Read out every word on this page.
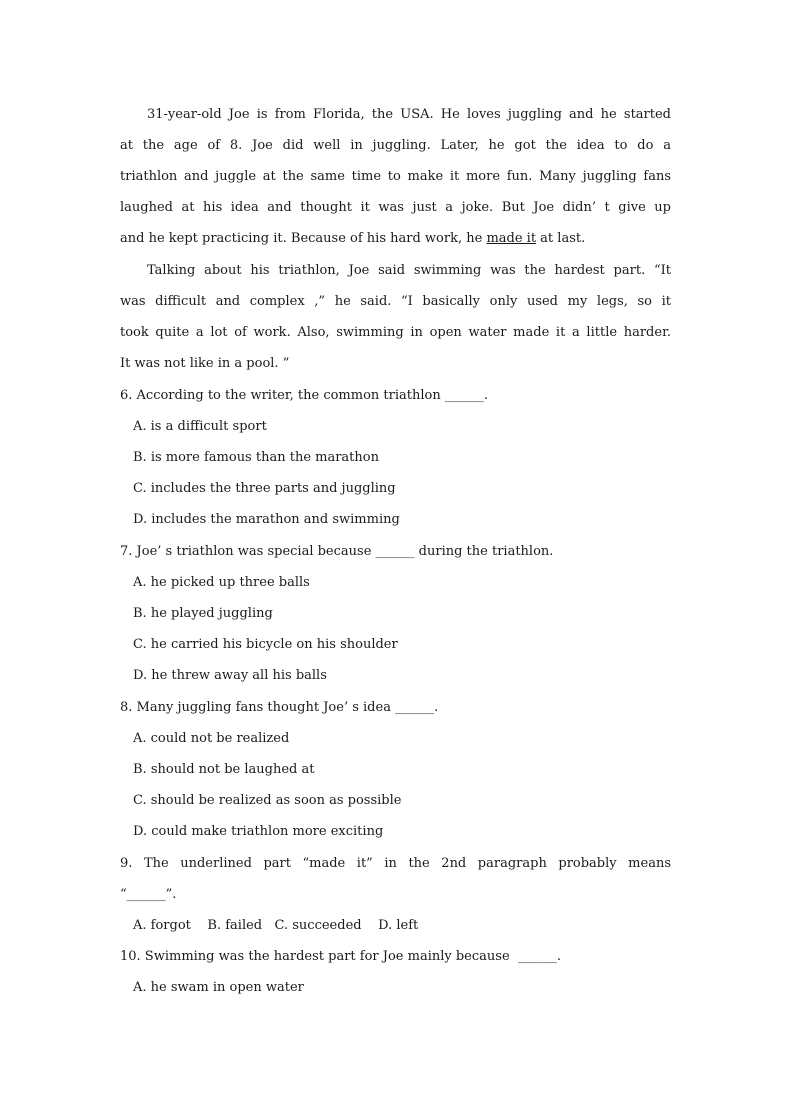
31-year-old Joe is from Florida, the USA. He loves juggling and he started
at the age of 8. Joe did well in juggling. Later, he got the idea to do a
triathlon and juggle at the same time to make it more fun. Many juggling fans
laughed at his idea and thought it was just a joke. But Joe didn’ t give up
and he kept practicing it. Because of his hard work, he made it at last.
Talking about his triathlon, Joe said swimming was the hardest part. “It
was difficult and complex ,” he said. “I basically only used my legs, so it
took quite a lot of work. Also, swimming in open water made it a little harder.
It was not like in a pool. ”
6. According to the writer, the common triathlon ______.
A. is a difficult sport
B. is more famous than the marathon
C. includes the three parts and juggling
D. includes the marathon and swimming
7. Joe’ s triathlon was special because ______ during the triathlon.
A. he picked up three balls
B. he played juggling
C. he carried his bicycle on his shoulder
D. he threw away all his balls
8. Many juggling fans thought Joe’ s idea ______.
A. could not be realized
B. should not be laughed at
C. should be realized as soon as possible
D. could make triathlon more exciting
9. The underlined part “made it” in the 2nd paragraph probably means
“______”.
A. forgot    B. failed   C. succeeded    D. left
10. Swimming was the hardest part for Joe mainly because  ______.
A. he swam in open water
